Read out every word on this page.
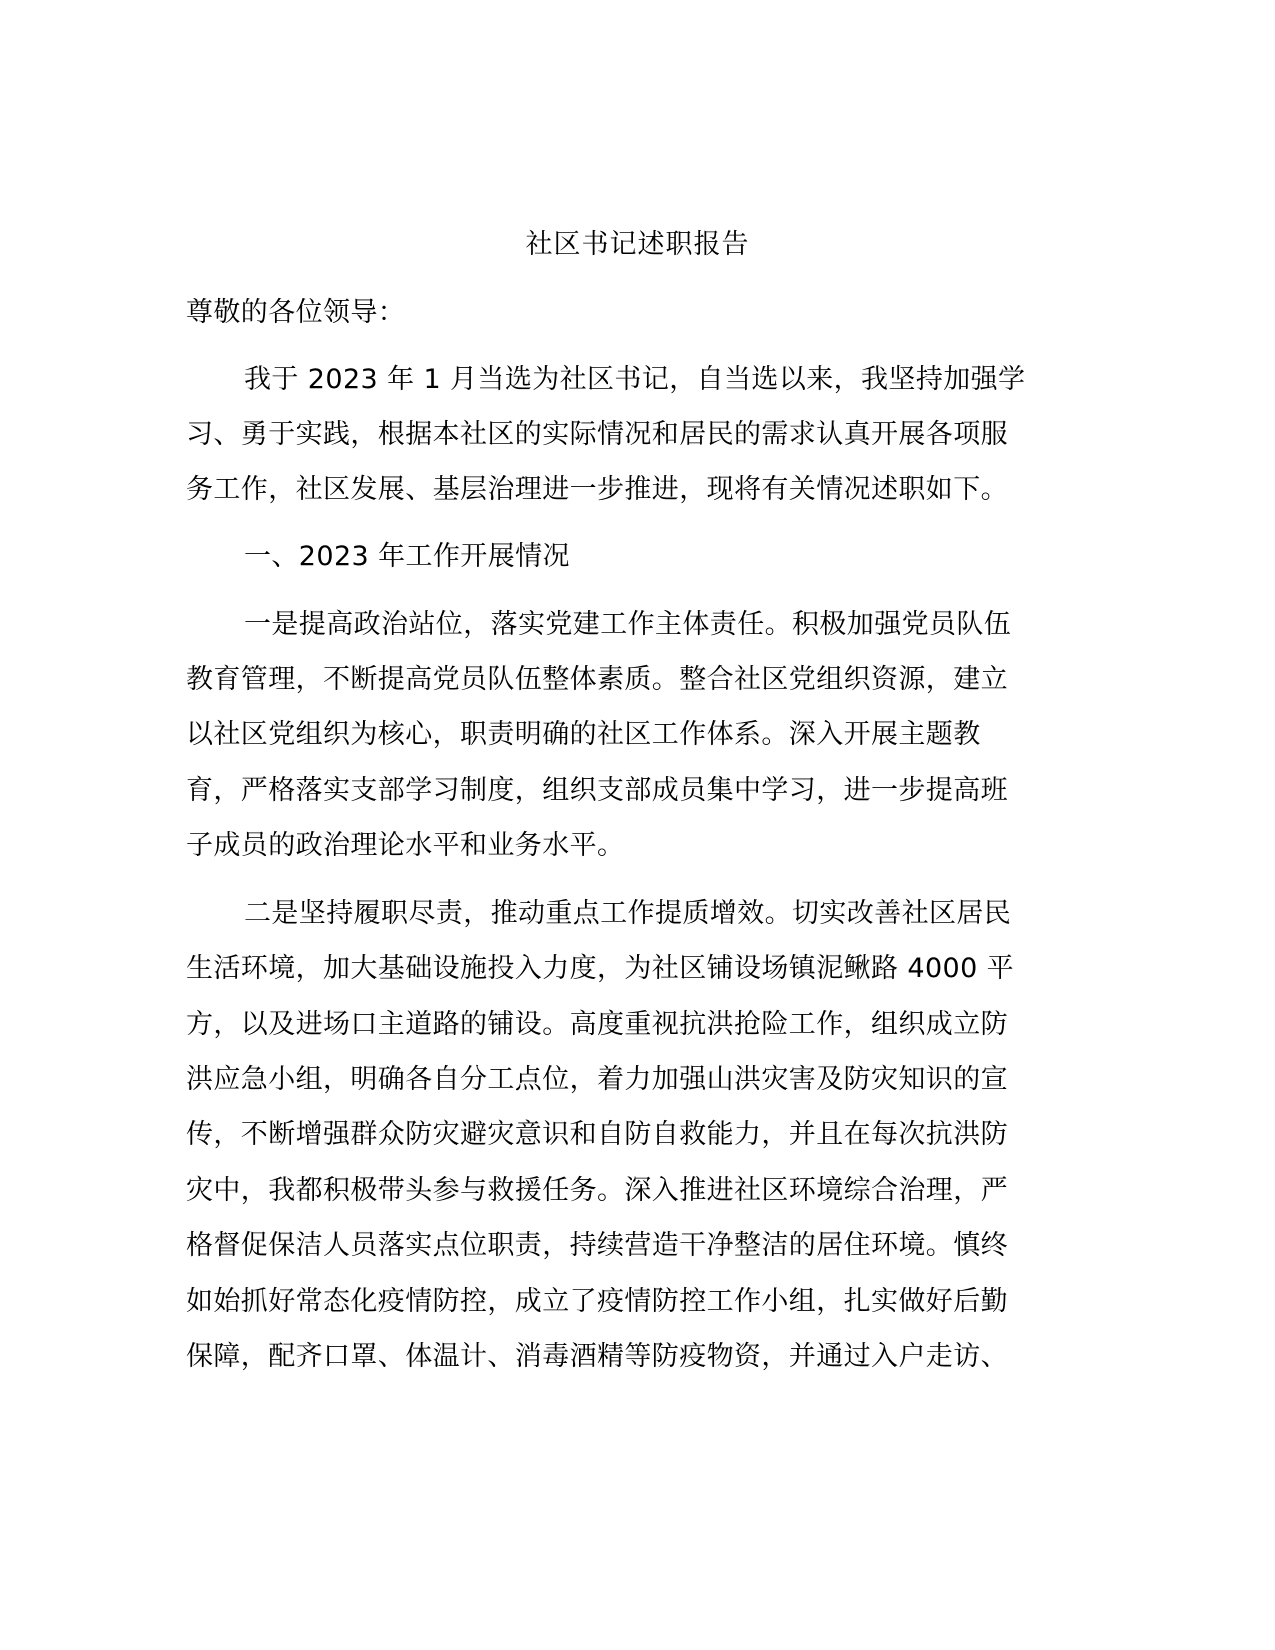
社区书记述职报告
尊敬的各位领导：
我于 2023 年 1 月当选为社区书记，自当选以来，我坚持加强学
习、勇于实践，根据本社区的实际情况和居民的需求认真开展各项服
务工作，社区发展、基层治理进一步推进，现将有关情况述职如下。
一、2023 年工作开展情况
一是提高政治站位，落实党建工作主体责任。积极加强党员队伍
教育管理，不断提高党员队伍整体素质。整合社区党组织资源，建立
以社区党组织为核心，职责明确的社区工作体系。深入开展主题教
育，严格落实支部学习制度，组织支部成员集中学习，进一步提高班
子成员的政治理论水平和业务水平。
二是坚持履职尽责，推动重点工作提质增效。切实改善社区居民
生活环境，加大基础设施投入力度，为社区铺设场镇泥鳅路 4000 平
方，以及进场口主道路的铺设。高度重视抗洪抢险工作，组织成立防
洪应急小组，明确各自分工点位，着力加强山洪灾害及防灾知识的宣
传，不断增强群众防灾避灾意识和自防自救能力，并且在每次抗洪防
灾中，我都积极带头参与救援任务。深入推进社区环境综合治理，严
格督促保洁人员落实点位职责，持续营造干净整洁的居住环境。慎终
如始抓好常态化疫情防控，成立了疫情防控工作小组，扎实做好后勤
保障，配齐口罩、体温计、消毒酒精等防疫物资，并通过入户走访、
